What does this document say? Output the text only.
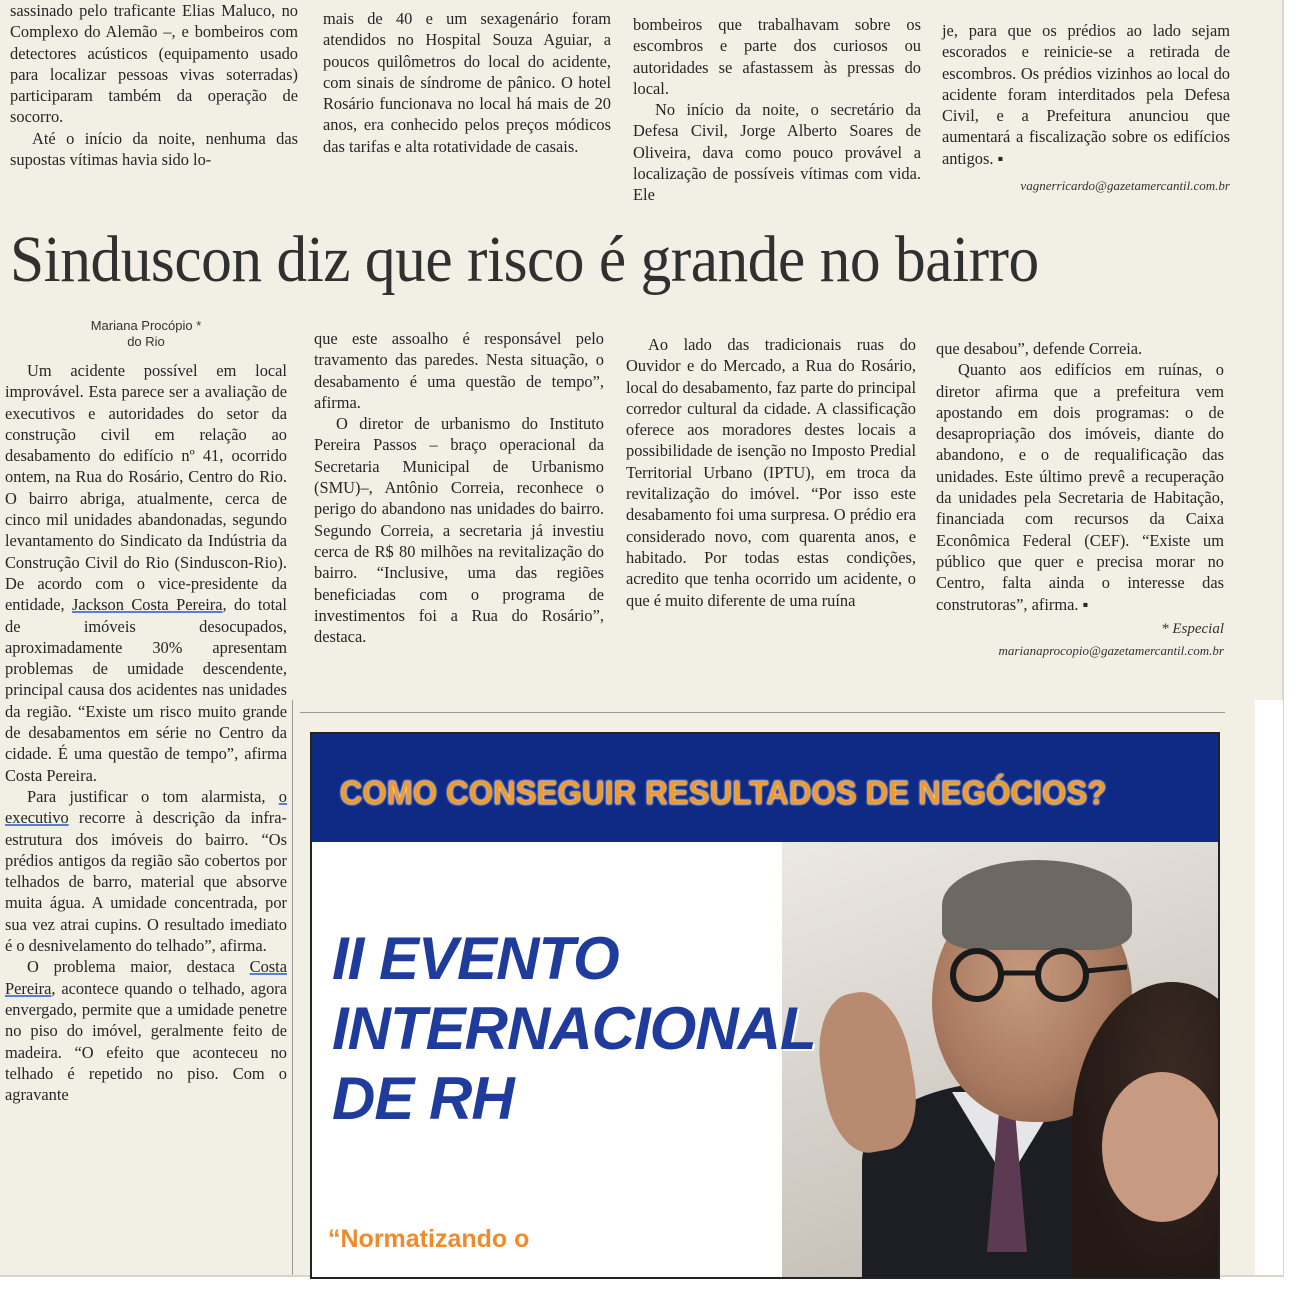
sassinado pelo traficante Elias Maluco, no Complexo do Alemão –, e bombeiros com detectores acústicos (equipamento usado para localizar pessoas vivas soterradas) participaram também da operação de socorro.

Até o início da noite, nenhuma das supostas vítimas havia sido lo-

mais de 40 e um sexagenário foram atendidos no Hospital Souza Aguiar, a poucos quilômetros do local do acidente, com sinais de síndrome de pânico. O hotel Rosário funcionava no local há mais de 20 anos, era conhecido pelos preços módicos das tarifas e alta rotatividade de casais.

bombeiros que trabalhavam sobre os escombros e parte dos curiosos ou autoridades se afastassem às pressas do local.

No início da noite, o secretário da Defesa Civil, Jorge Alberto Soares de Oliveira, dava como pouco provável a localização de possíveis vítimas com vida. Ele

je, para que os prédios ao lado sejam escorados e reinicie-se a retirada de escombros. Os prédios vizinhos ao local do acidente foram interditados pela Defesa Civil, e a Prefeitura anunciou que aumentará a fiscalização sobre os edifícios antigos. ▪

vagnerricardo@gazetamercantil.com.br

Sinduscon diz que risco é grande no bairro
Mariana Procópio *
do Rio

Um acidente possível em local improvável. Esta parece ser a avaliação de executivos e autoridades do setor da construção civil em relação ao desabamento do edifício nº 41, ocorrido ontem, na Rua do Rosário, Centro do Rio. O bairro abriga, atualmente, cerca de cinco mil unidades abandonadas, segundo levantamento do Sindicato da Indústria da Construção Civil do Rio (Sinduscon-Rio). De acordo com o vice-presidente da entidade, Jackson Costa Pereira, do total de imóveis desocupados, aproximadamente 30% apresentam problemas de umidade descendente, principal causa dos acidentes nas unidades da região. “Existe um risco muito grande de desabamentos em série no Centro da cidade. É uma questão de tempo”, afirma Costa Pereira.

Para justificar o tom alarmista, o executivo recorre à descrição da infra-estrutura dos imóveis do bairro. “Os prédios antigos da região são cobertos por telhados de barro, material que absorve muita água. A umidade concentrada, por sua vez atrai cupins. O resultado imediato é o desnivelamento do telhado”, afirma.

O problema maior, destaca Costa Pereira, acontece quando o telhado, agora envergado, permite que a umidade penetre no piso do imóvel, geralmente feito de madeira. “O efeito que aconteceu no telhado é repetido no piso. Com o agravante

que este assoalho é responsável pelo travamento das paredes. Nesta situação, o desabamento é uma questão de tempo”, afirma.

O diretor de urbanismo do Instituto Pereira Passos – braço operacional da Secretaria Municipal de Urbanismo (SMU)–, Antônio Correia, reconhece o perigo do abandono nas unidades do bairro. Segundo Correia, a secretaria já investiu cerca de R$ 80 milhões na revitalização do bairro. “Inclusive, uma das regiões beneficiadas com o programa de investimentos foi a Rua do Rosário”, destaca.

Ao lado das tradicionais ruas do Ouvidor e do Mercado, a Rua do Rosário, local do desabamento, faz parte do principal corredor cultural da cidade. A classificação oferece aos moradores destes locais a possibilidade de isenção no Imposto Predial Territorial Urbano (IPTU), em troca da revitalização do imóvel. “Por isso este desabamento foi uma surpresa. O prédio era considerado novo, com quarenta anos, e habitado. Por todas estas condições, acredito que tenha ocorrido um acidente, o que é muito diferente de uma ruína

que desabou”, defende Correia.

Quanto aos edifícios em ruínas, o diretor afirma que a prefeitura vem apostando em dois programas: o de desapropriação dos imóveis, diante do abandono, e o de requalificação das unidades. Este último prevê a recuperação da unidades pela Secretaria de Habitação, financiada com recursos da Caixa Econômica Federal (CEF). “Existe um público que quer e precisa morar no Centro, falta ainda o interesse das construtoras”, afirma. ▪

* Especial

marianaprocopio@gazetamercantil.com.br

COMO CONSEGUIR RESULTADOS DE NEGÓCIOS?
II EVENTO
INTERNACIONAL
DE RH
“Normatizando o
